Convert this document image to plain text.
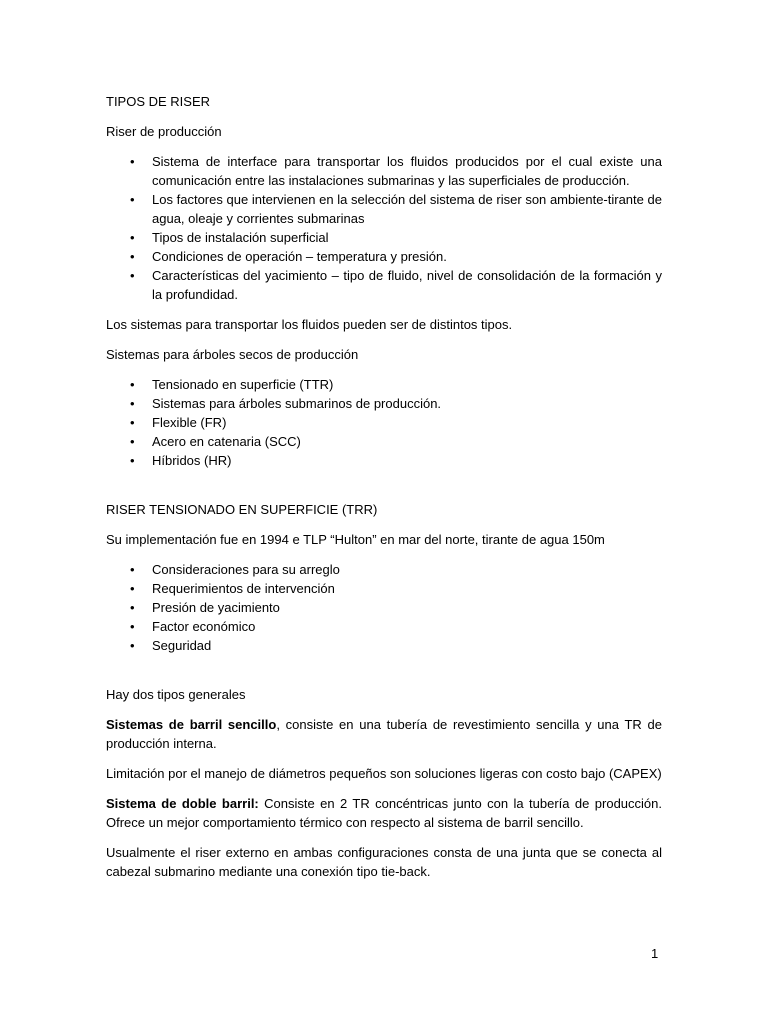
TIPOS DE RISER

Riser de producción

• Sistema de interface para transportar los fluidos producidos por el cual existe una comunicación entre las instalaciones submarinas y las superficiales de producción.
• Los factores que intervienen en la selección del sistema de riser son ambiente-tirante de agua, oleaje y corrientes submarinas
• Tipos de instalación superficial
• Condiciones de operación – temperatura y presión.
• Características del yacimiento – tipo de fluido, nivel de consolidación de la formación y la profundidad.

Los sistemas para transportar los fluidos pueden ser de distintos tipos.

Sistemas para árboles secos de producción

• Tensionado en superficie (TTR)
• Sistemas para árboles submarinos de producción.
• Flexible (FR)
• Acero en catenaria (SCC)
• Híbridos (HR)

RISER TENSIONADO EN SUPERFICIE (TRR)

Su implementación fue en 1994 e TLP “Hulton” en mar del norte, tirante de agua 150m

• Consideraciones para su arreglo
• Requerimientos de intervención
• Presión de yacimiento
• Factor económico
• Seguridad

Hay dos tipos generales

Sistemas de barril sencillo, consiste en una tubería de revestimiento sencilla y una TR de producción interna.

Limitación por el manejo de diámetros pequeños son soluciones ligeras con costo bajo (CAPEX)

Sistema de doble barril: Consiste en 2 TR concéntricas junto con la tubería de producción. Ofrece un mejor comportamiento térmico con respecto al sistema de barril sencillo.

Usualmente el riser externo en ambas configuraciones consta de una junta que se conecta al cabezal submarino mediante una conexión tipo tie-back.

1
